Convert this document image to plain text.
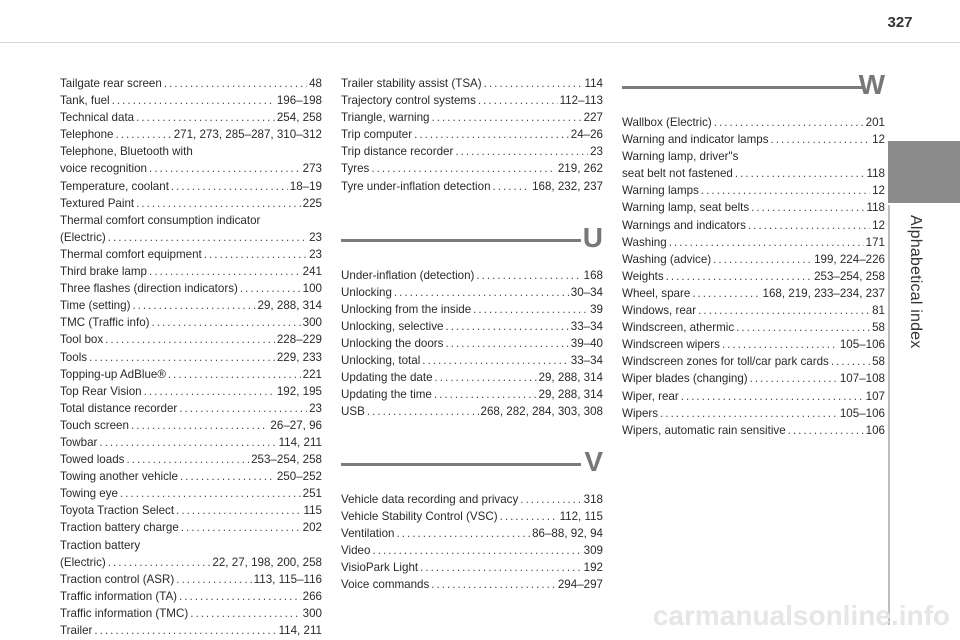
327
Alphabetical index
Tailgate rear screen . . .	48
Tank, fuel . . .	196–198
Technical data . . .	254, 258
Telephone . . .	271, 273, 285–287, 310–312
Telephone, Bluetooth with
voice recognition . . .	273
Temperature, coolant . . .	18–19
Textured Paint . . .	225
Thermal comfort consumption indicator
(Electric) . . .	23
Thermal comfort equipment . . .	23
Third brake lamp . . .	241
Three flashes (direction indicators) . . .	100
Time (setting) . . .	29, 288, 314
TMC (Traffic info) . . .	300
Tool box . . .	228–229
Tools . . .	229, 233
Topping-up AdBlue® . . .	221
Top Rear Vision . . .	192, 195
Total distance recorder . . .	23
Touch screen . . .	26–27, 96
Towbar . . .	114, 211
Towed loads . . .	253–254, 258
Towing another vehicle . . .	250–252
Towing eye . . .	251
Toyota Traction Select . . .	115
Traction battery charge . . .	202
Traction battery
(Electric) . . .	22, 27, 198, 200, 258
Traction control (ASR) . . .	113, 115–116
Traffic information (TA) . . .	266
Traffic information (TMC) . . .	300
Trailer . . .	114, 211
Trailer stability assist (TSA) . . .	114
Trajectory control systems . . .	112–113
Triangle, warning . . .	227
Trip computer . . .	24–26
Trip distance recorder . . .	23
Tyres . . .	219, 262
Tyre under-inflation detection . . .	168, 232, 237
U
Under-inflation (detection) . . .	168
Unlocking . . .	30–34
Unlocking from the inside . . .	39
Unlocking, selective . . .	33–34
Unlocking the doors . . .	39–40
Unlocking, total . . .	33–34
Updating the date . . .	29, 288, 314
Updating the time . . .	29, 288, 314
USB . . .	268, 282, 284, 303, 308
V
Vehicle data recording and privacy . . .	318
Vehicle Stability Control (VSC) . . .	112, 115
Ventilation . . .	86–88, 92, 94
Video . . .	309
VisioPark Light . . .	192
Voice commands . . .	294–297
W
Wallbox (Electric) . . .	201
Warning and indicator lamps . . .	12
Warning lamp, driver"s
seat belt not fastened . . .	118
Warning lamps . . .	12
Warning lamp, seat belts . . .	118
Warnings and indicators . . .	12
Washing . . .	171
Washing (advice) . . .	199, 224–226
Weights . . .	253–254, 258
Wheel, spare . . .	168, 219, 233–234, 237
Windows, rear . . .	81
Windscreen, athermic . . .	58
Windscreen wipers . . .	105–106
Windscreen zones for toll/car park cards . . .	58
Wiper blades (changing) . . .	107–108
Wiper, rear . . .	107
Wipers . . .	105–106
Wipers, automatic rain sensitive . . .	106
carmanualsonline.info
